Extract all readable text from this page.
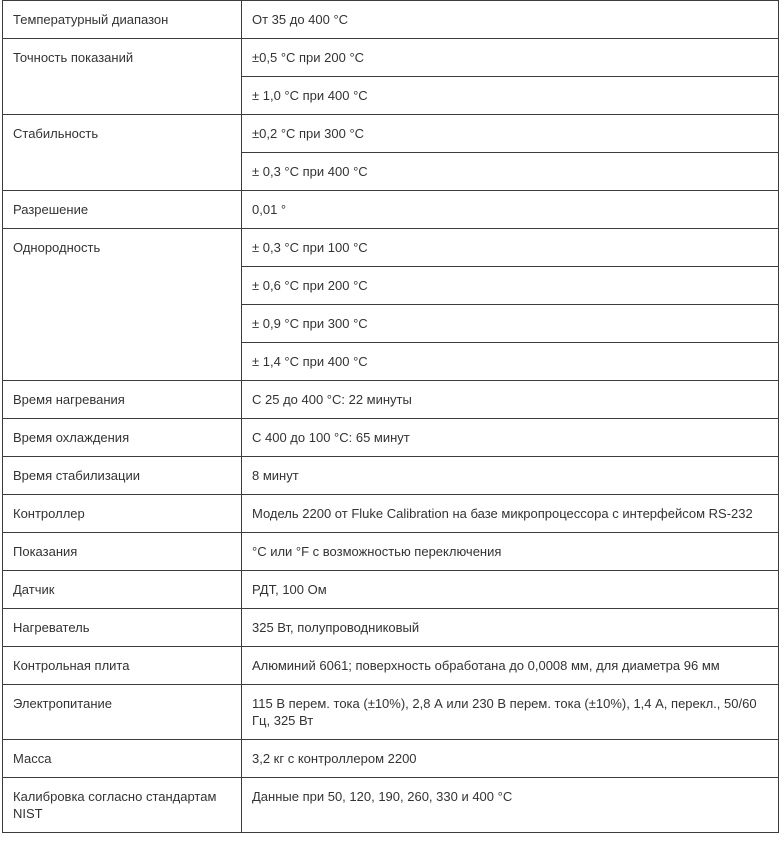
Температурный диапазон	От 35 до 400 °C
Точность показаний	±0,5 °C при 200 °C
	± 1,0 °C при 400 °C
Стабильность	±0,2 °C при 300 °C
	± 0,3 °C при 400 °C
Разрешение	0,01 °
Однородность	± 0,3 °C при 100 °C
	± 0,6 °C при 200 °C
	± 0,9 °C при 300 °C
	± 1,4 °C при 400 °C
Время нагревания	С 25 до 400 °C: 22 минуты
Время охлаждения	С 400 до 100 °C: 65 минут
Время стабилизации	8 минут
Контроллер	Модель 2200 от Fluke Calibration на базе микропроцессора с интерфейсом RS-232
Показания	°C или °F с возможностью переключения
Датчик	РДТ, 100 Ом
Нагреватель	325 Вт, полупроводниковый
Контрольная плита	Алюминий 6061; поверхность обработана до 0,0008 мм, для диаметра 96 мм
Электропитание	115 В перем. тока (±10%), 2,8 А или 230 В перем. тока (±10%), 1,4 А, перекл., 50/60 Гц, 325 Вт
Масса	3,2 кг с контроллером 2200
Калибровка согласно стандартам NIST	Данные при 50, 120, 190, 260, 330 и 400 °C
